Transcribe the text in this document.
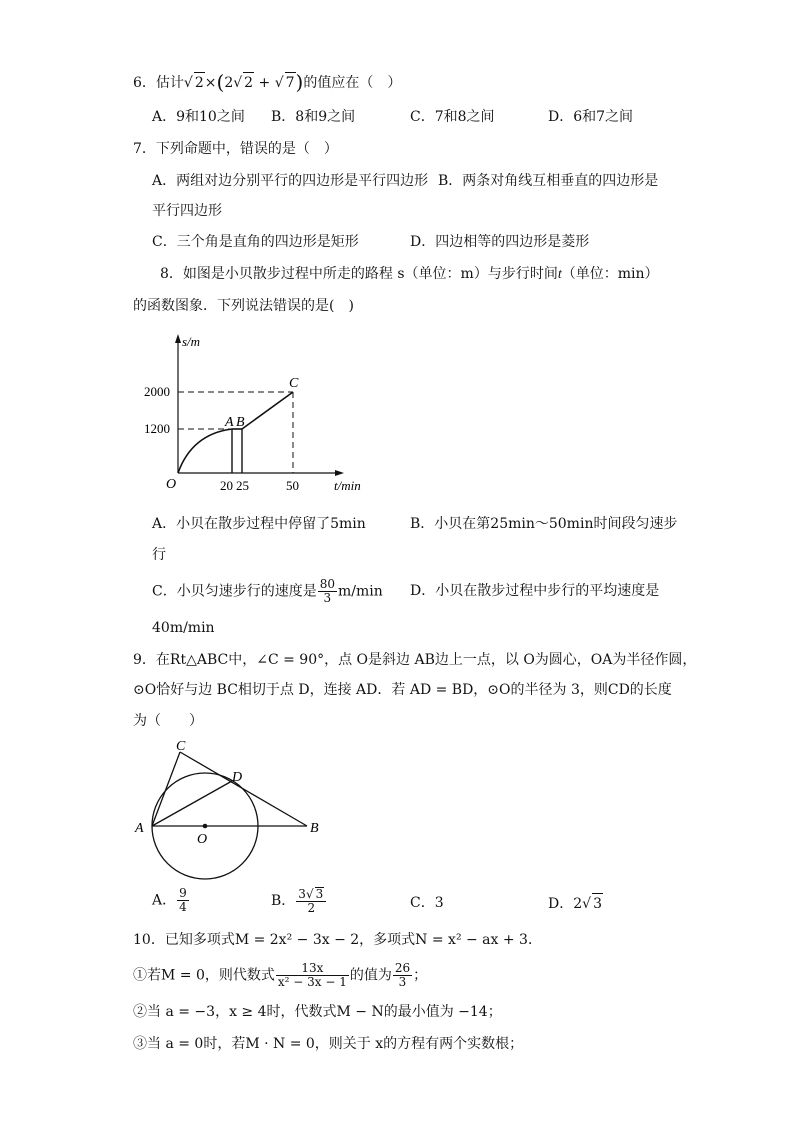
6．估计√ 2×(2√ 2 + √ 7)的值应在（　）
A．9和10之间 B．8和9之间	C．7和8之间	D．6和7之间
7．下列命题中，错误的是（　）
A．两组对边分别平行的四边形是平行四边形 B．两条对角线互相垂直的四边形是
平行四边形
C．三个角是直角的四边形是矩形	D．四边相等的四边形是菱形
8．如图是小贝散步过程中所走的路程 s（单位：m）与步行时间t（单位：min）
的函数图象．下列说法错误的是(　)
s/m
t/min
2000
1200
20 25	50
O
A B
C
A．小贝在散步过程中停留了5min	B．小贝在第25min～50min时间段匀速步
行
C．小贝匀速步行的速度是 $\frac{80}{3} m/\min$ D．小贝在散步过程中步行的平均速度是
40m/min
9．在Rt△ABC中，∠C = 90°，点 O是斜边 AB边上一点，以 O为圆心，OA为半径作圆，
⊙O恰好与边 BC相切于点 D，连接 AD．若 AD = BD，⊙O的半径为 3，则CD的长度
为（　　）
C
D
A
O
B
A． $\frac{9}{4}$	B． $\frac{3√ 3}{2}$	C．3	D．2√ 3
10．已知多项式M = 2x² − 3x − 2，多项式N = x² − ax + 3．
①若M = 0，则代数式 $\frac{13x}{\text{x² − 3x − 1}}$ 的值为 $\frac{26}{3}$ ；
②当 a = −3，x ≥ 4时，代数式M − N的最小值为 −14；
③当 a = 0时，若M · N = 0，则关于 x的方程有两个实数根；
